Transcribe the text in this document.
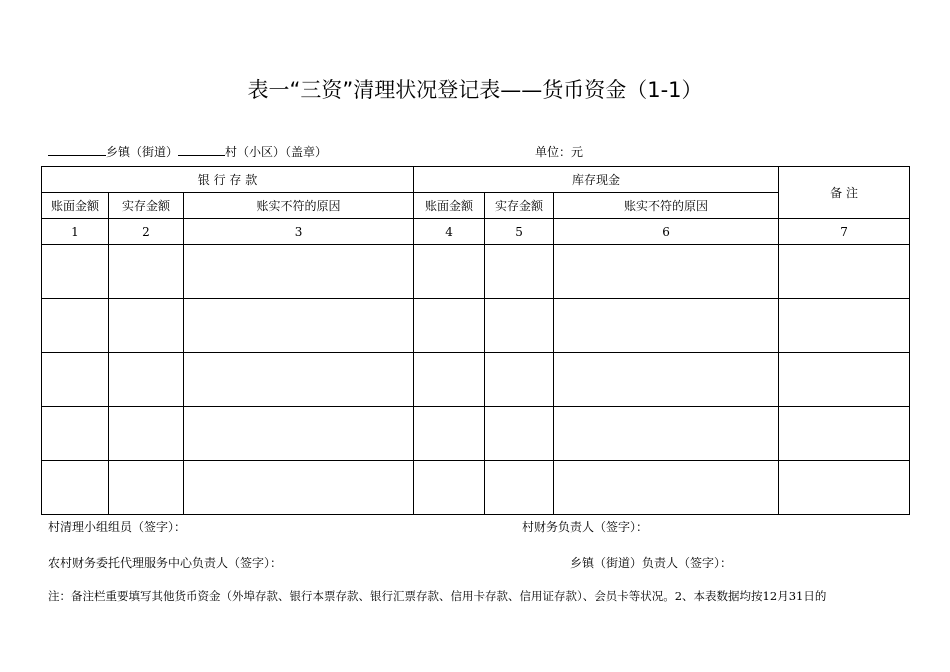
表一“三资”清理状况登记表——货币资金（1-1）
乡镇（街道）	村（小区）（盖章）	单位：元
银 行 存 款			库存现金			备 注
账面金额	实存金额	账实不符的原因	账面金额	实存金额	账实不符的原因	
1	2	3	4	5	6	7

村清理小组组员（签字）：	村财务负责人（签字）：
农村财务委托代理服务中心负责人（签字）：	乡镇（街道）负责人（签字）：
注：备注栏重要填写其他货币资金（外埠存款、银行本票存款、银行汇票存款、信用卡存款、信用证存款）、会员卡等状况。2、本表数据均按12月31日的
